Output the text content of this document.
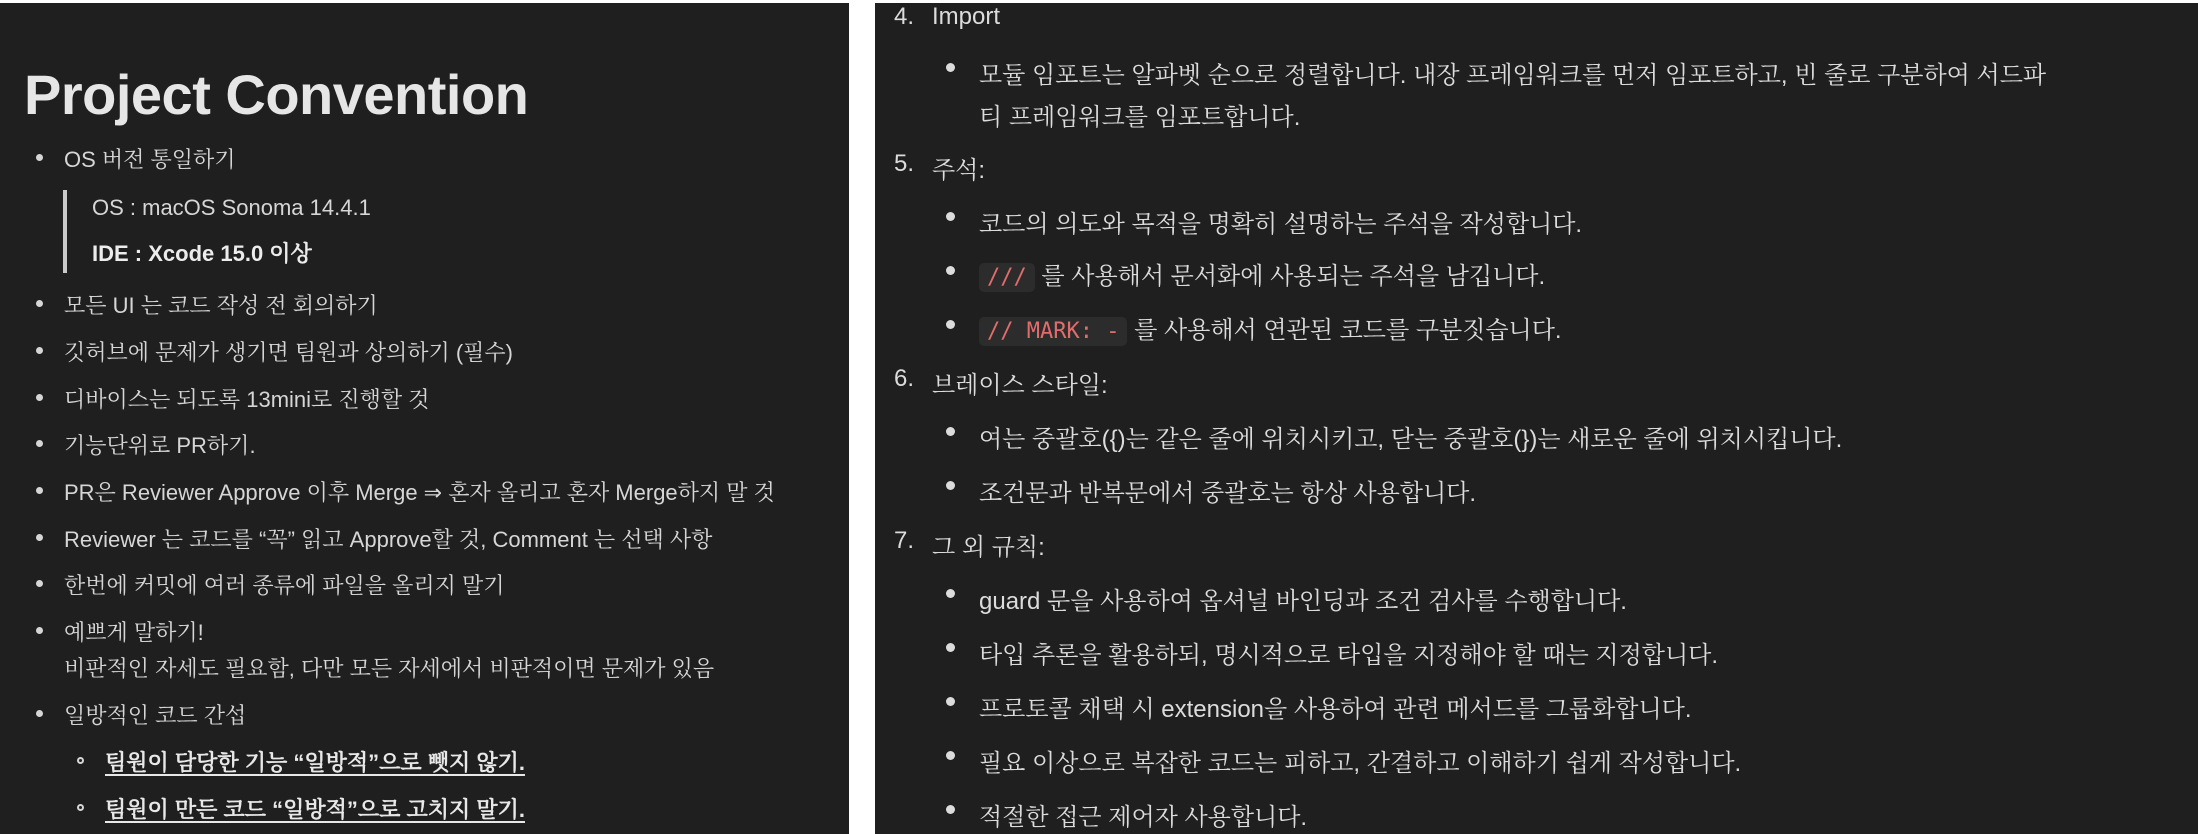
Project Convention
OS 버전 통일하기
OS : macOS Sonoma 14.4.1
IDE : Xcode 15.0 이상
모든 UI 는 코드 작성 전 회의하기
깃허브에 문제가 생기면 팀원과 상의하기 (필수)
디바이스는 되도록 13mini로 진행할 것
기능단위로 PR하기.
PR은 Reviewer Approve 이후 Merge ⇒ 혼자 올리고 혼자 Merge하지 말 것
Reviewer 는 코드를 “꼭” 읽고 Approve할 것, Comment 는 선택 사항
한번에 커밋에 여러 종류에 파일을 올리지 말기
예쁘게 말하기!
비판적인 자세도 필요함, 다만 모든 자세에서 비판적이면 문제가 있음
일방적인 코드 간섭
팀원이 담당한 기능 “일방적”으로 뺏지 않기.
팀원이 만든 코드 “일방적”으로 고치지 말기.
4. Import
모듈 임포트는 알파벳 순으로 정렬합니다. 내장 프레임워크를 먼저 임포트하고, 빈 줄로 구분하여 서드파
티 프레임워크를 임포트합니다.
5. 주석:
코드의 의도와 목적을 명확히 설명하는 주석을 작성합니다.
/// 를 사용해서 문서화에 사용되는 주석을 남깁니다.
// MARK: - 를 사용해서 연관된 코드를 구분짓습니다.
6. 브레이스 스타일:
여는 중괄호({)는 같은 줄에 위치시키고, 닫는 중괄호(})는 새로운 줄에 위치시킵니다.
조건문과 반복문에서 중괄호는 항상 사용합니다.
7. 그 외 규칙:
guard 문을 사용하여 옵셔널 바인딩과 조건 검사를 수행합니다.
타입 추론을 활용하되, 명시적으로 타입을 지정해야 할 때는 지정합니다.
프로토콜 채택 시 extension을 사용하여 관련 메서드를 그룹화합니다.
필요 이상으로 복잡한 코드는 피하고, 간결하고 이해하기 쉽게 작성합니다.
적절한 접근 제어자 사용합니다.
